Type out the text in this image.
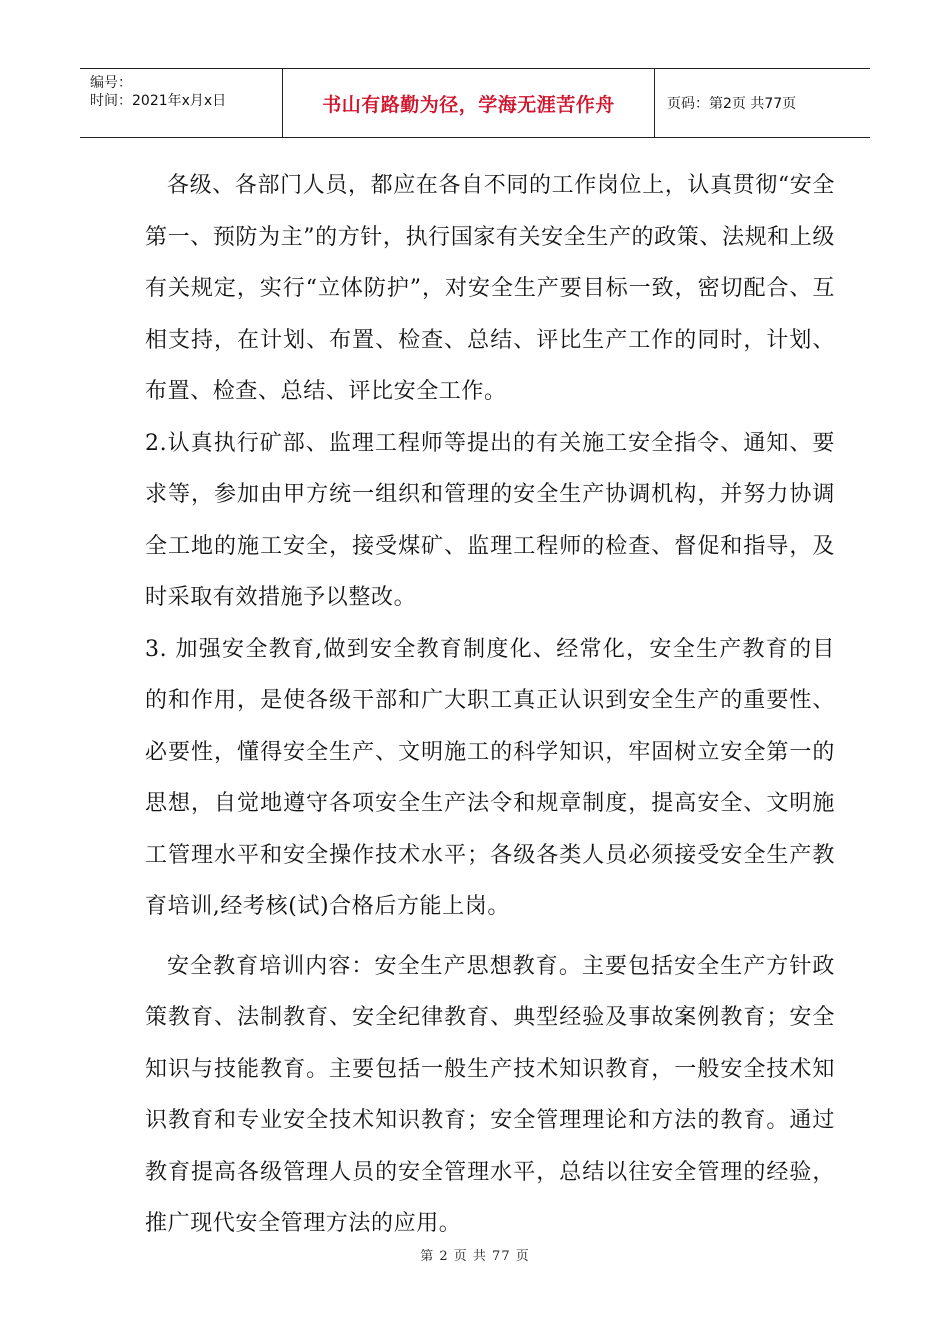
编号：
时间：2021年x月x日	书山有路勤为径，学海无涯苦作舟	页码：第2页 共77页

各级、各部门人员，都应在各自不同的工作岗位上，认真贯彻“安全第一、预防为主”的方针，执行国家有关安全生产的政策、法规和上级有关规定，实行“立体防护”，对安全生产要目标一致，密切配合、互相支持，在计划、布置、检查、总结、评比生产工作的同时，计划、布置、检查、总结、评比安全工作。

2.认真执行矿部、监理工程师等提出的有关施工安全指令、通知、要求等，参加由甲方统一组织和管理的安全生产协调机构，并努力协调全工地的施工安全，接受煤矿、监理工程师的检查、督促和指导，及时采取有效措施予以整改。

3. 加强安全教育,做到安全教育制度化、经常化，安全生产教育的目的和作用，是使各级干部和广大职工真正认识到安全生产的重要性、必要性，懂得安全生产、文明施工的科学知识，牢固树立安全第一的思想，自觉地遵守各项安全生产法令和规章制度，提高安全、文明施工管理水平和安全操作技术水平；各级各类人员必须接受安全生产教育培训,经考核(试)合格后方能上岗。

安全教育培训内容：安全生产思想教育。主要包括安全生产方针政策教育、法制教育、安全纪律教育、典型经验及事故案例教育；安全知识与技能教育。主要包括一般生产技术知识教育，一般安全技术知识教育和专业安全技术知识教育；安全管理理论和方法的教育。通过教育提高各级管理人员的安全管理水平，总结以往安全管理的经验，推广现代安全管理方法的应用。

第 2 页 共 77 页
